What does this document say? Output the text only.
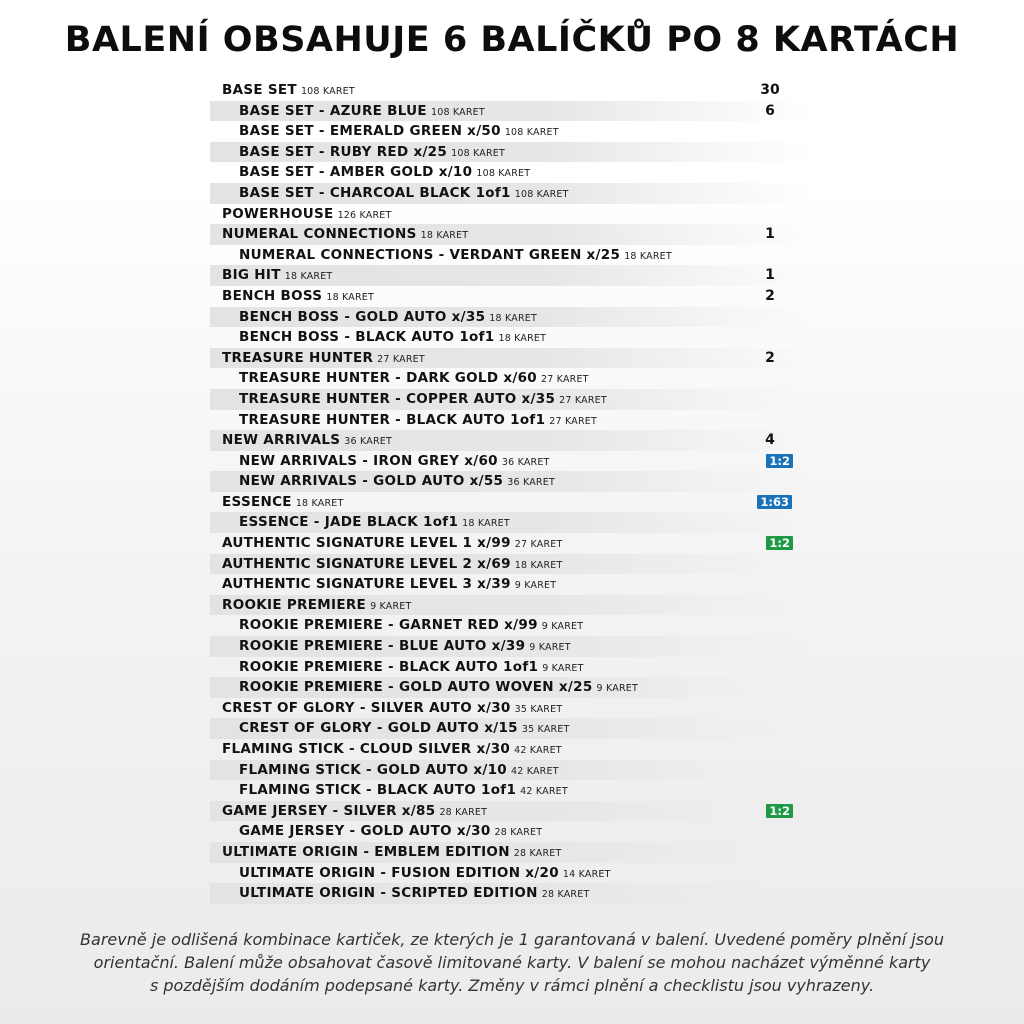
BALENÍ OBSAHUJE 6 BALÍČKŮ PO 8 KARTÁCH
BASE SET 108 KARET	30
BASE SET - AZURE BLUE 108 KARET	6
BASE SET - EMERALD GREEN x/50 108 KARET
BASE SET - RUBY RED x/25 108 KARET
BASE SET - AMBER GOLD x/10 108 KARET
BASE SET - CHARCOAL BLACK 1of1 108 KARET
POWERHOUSE 126 KARET
NUMERAL CONNECTIONS 18 KARET	1
NUMERAL CONNECTIONS - VERDANT GREEN x/25 18 KARET
BIG HIT 18 KARET	1
BENCH BOSS 18 KARET	2
BENCH BOSS - GOLD AUTO x/35 18 KARET
BENCH BOSS - BLACK AUTO 1of1 18 KARET
TREASURE HUNTER 27 KARET	2
TREASURE HUNTER - DARK GOLD x/60 27 KARET
TREASURE HUNTER - COPPER AUTO x/35 27 KARET
TREASURE HUNTER - BLACK AUTO 1of1 27 KARET
NEW ARRIVALS 36 KARET	4
NEW ARRIVALS - IRON GREY x/60 36 KARET	1:2
NEW ARRIVALS - GOLD AUTO x/55 36 KARET
ESSENCE 18 KARET	1:63
ESSENCE - JADE BLACK 1of1 18 KARET
AUTHENTIC SIGNATURE LEVEL 1 x/99 27 KARET	1:2
AUTHENTIC SIGNATURE LEVEL 2 x/69 18 KARET
AUTHENTIC SIGNATURE LEVEL 3 x/39 9 KARET
ROOKIE PREMIERE 9 KARET
ROOKIE PREMIERE - GARNET RED x/99 9 KARET
ROOKIE PREMIERE - BLUE AUTO x/39 9 KARET
ROOKIE PREMIERE - BLACK AUTO 1of1 9 KARET
ROOKIE PREMIERE - GOLD AUTO WOVEN x/25 9 KARET
CREST OF GLORY - SILVER AUTO x/30 35 KARET
CREST OF GLORY - GOLD AUTO x/15 35 KARET
FLAMING STICK - CLOUD SILVER x/30 42 KARET
FLAMING STICK - GOLD AUTO x/10 42 KARET
FLAMING STICK - BLACK AUTO 1of1 42 KARET
GAME JERSEY - SILVER x/85 28 KARET	1:2
GAME JERSEY - GOLD AUTO x/30 28 KARET
ULTIMATE ORIGIN - EMBLEM EDITION 28 KARET
ULTIMATE ORIGIN - FUSION EDITION x/20 14 KARET
ULTIMATE ORIGIN - SCRIPTED EDITION 28 KARET
Barevně je odlišená kombinace kartiček, ze kterých je 1 garantovaná v balení. Uvedené poměry plnění jsou
orientační. Balení může obsahovat časově limitované karty. V balení se mohou nacházet výměnné karty
s pozdějším dodáním podepsané karty. Změny v rámci plnění a checklistu jsou vyhrazeny.
